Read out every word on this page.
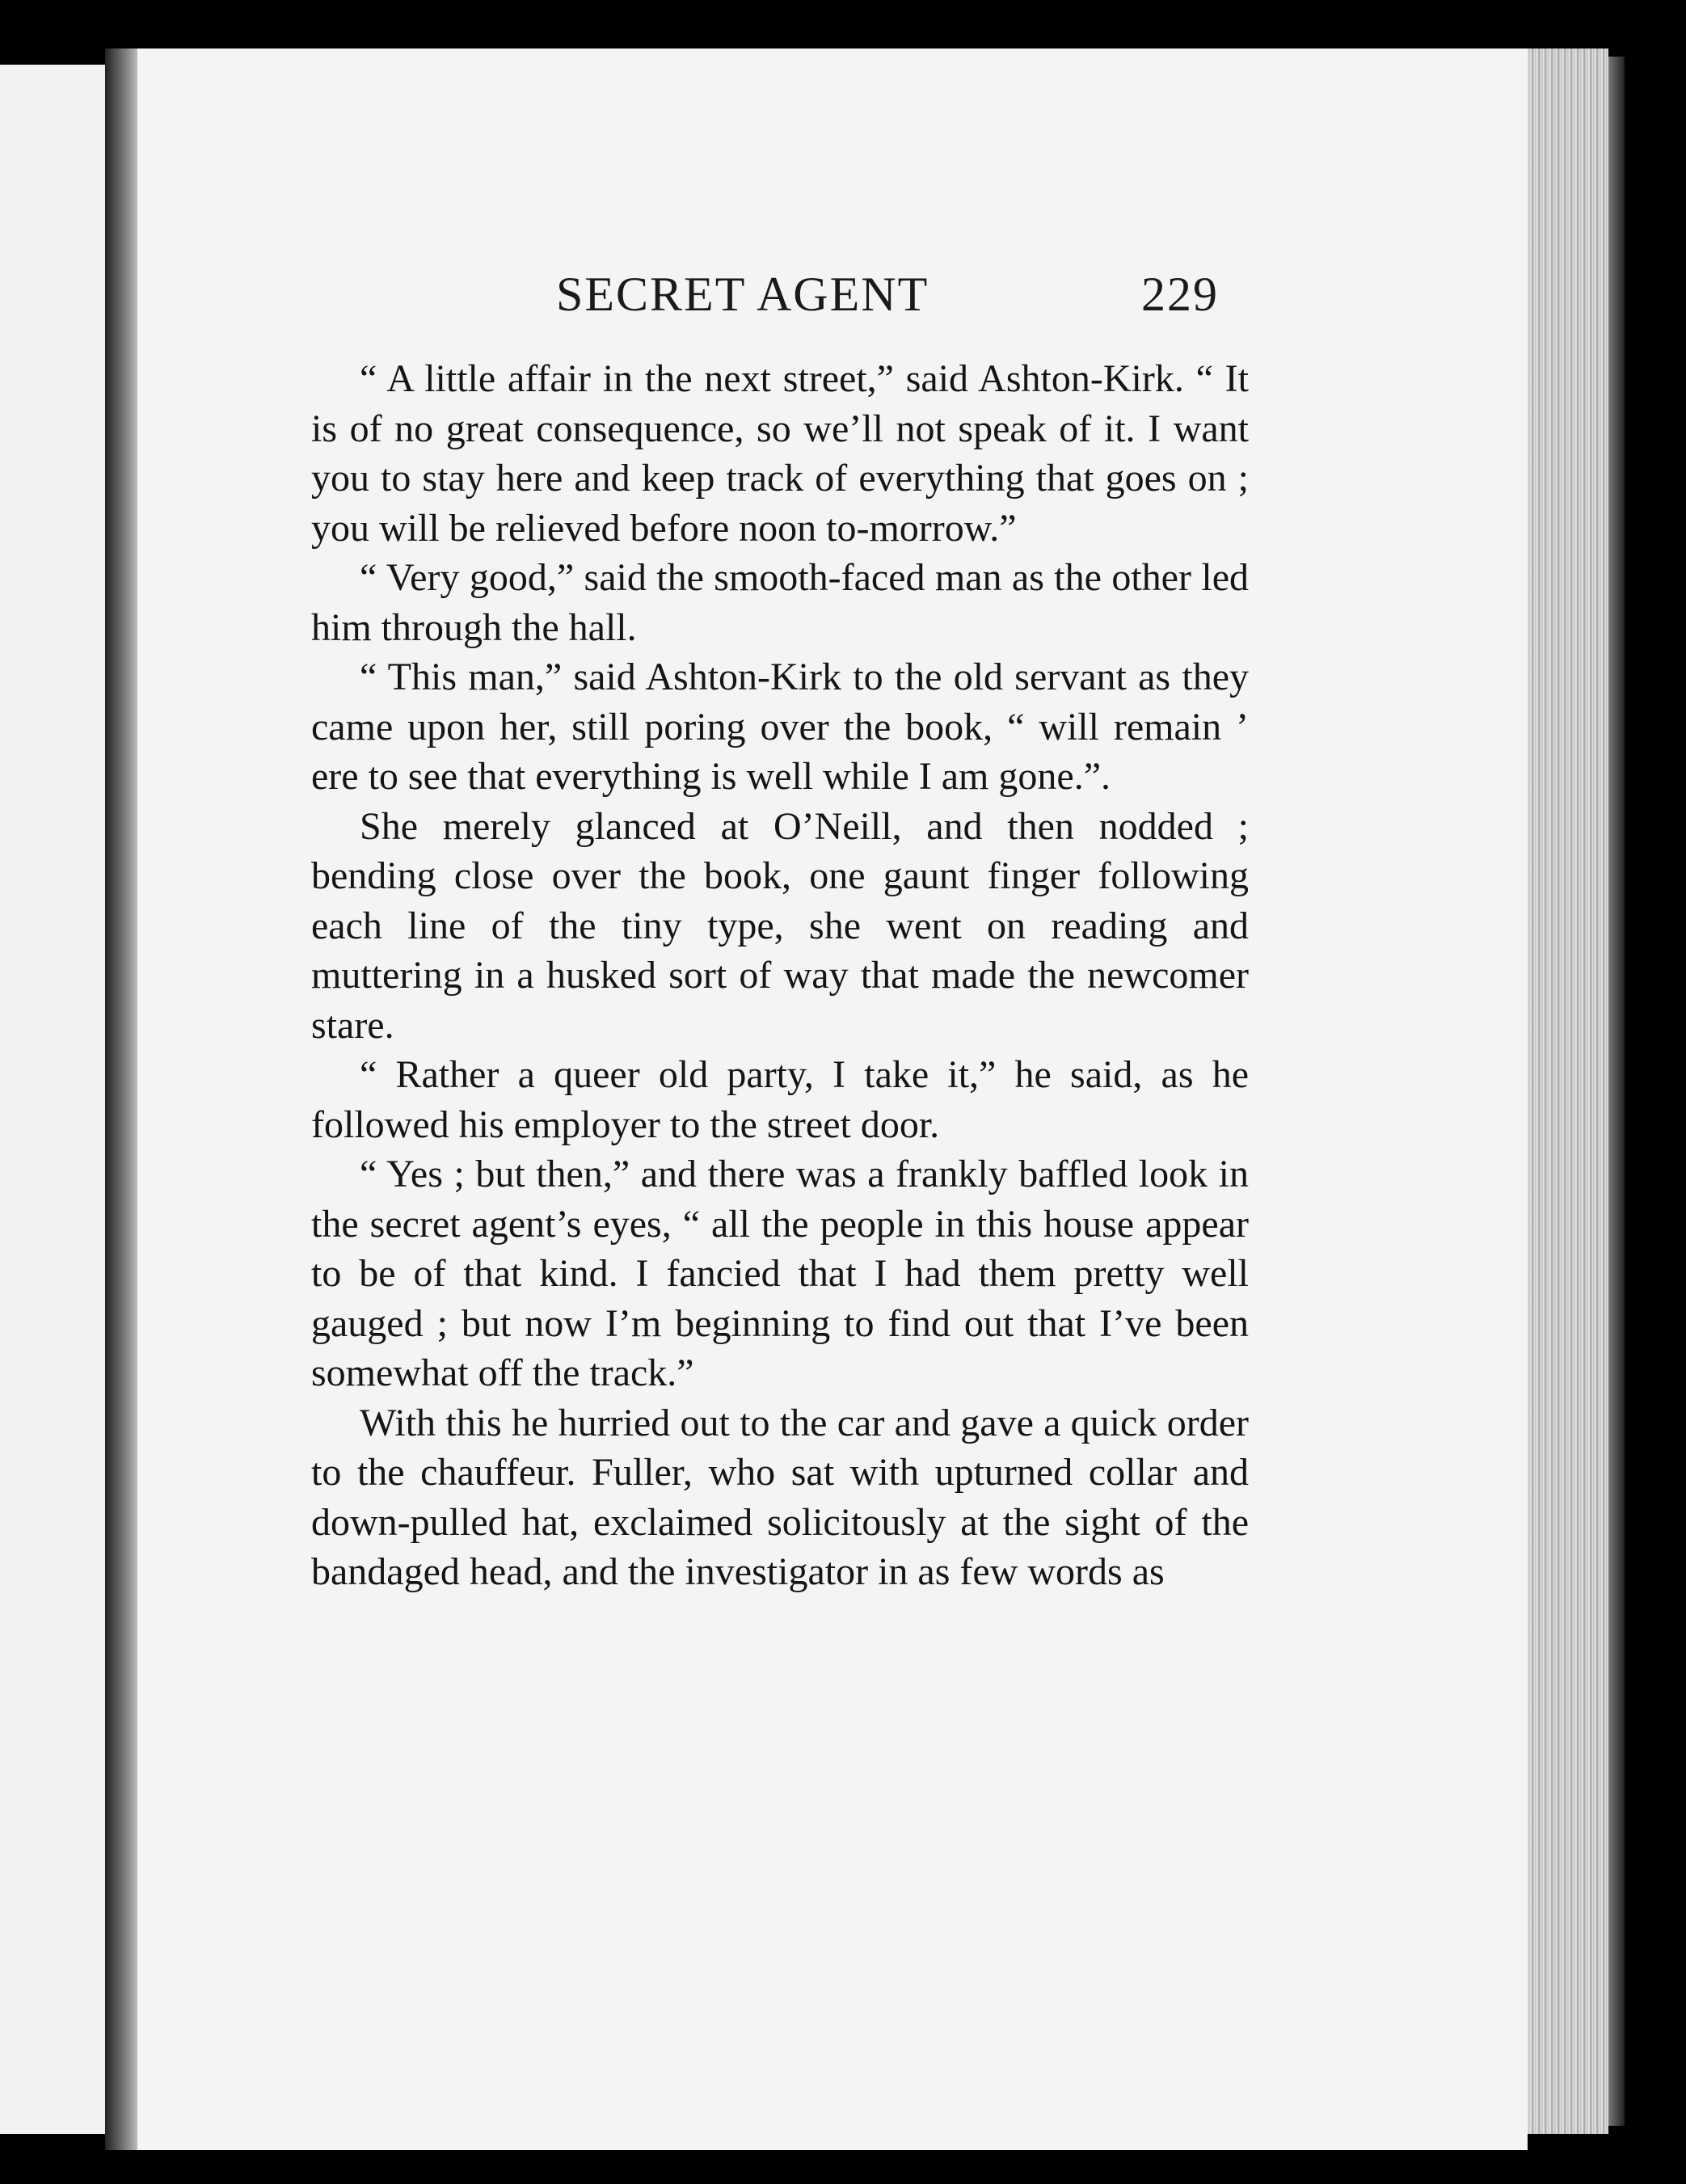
SECRET AGENT	229

“ A little affair in the next street,” said Ashton-Kirk. “ It is of no great consequence, so we’ll not speak of it. I want you to stay here and keep track of everything that goes on ; you will be relieved before noon to-morrow.”

“ Very good,” said the smooth-faced man as the other led him through the hall.

“ This man,” said Ashton-Kirk to the old servant as they came upon her, still poring over the book, “ will remain ’ ere to see that everything is well while I am gone.”.

She merely glanced at O’Neill, and then nodded ; bending close over the book, one gaunt finger following each line of the tiny type, she went on reading and muttering in a husked sort of way that made the newcomer stare.

“ Rather a queer old party, I take it,” he said, as he followed his employer to the street door.

“ Yes ; but then,” and there was a frankly baffled look in the secret agent’s eyes, “ all the people in this house appear to be of that kind. I fancied that I had them pretty well gauged ; but now I’m beginning to find out that I’ve been somewhat off the track.”

With this he hurried out to the car and gave a quick order to the chauffeur. Fuller, who sat with upturned collar and down-pulled hat, exclaimed solicitously at the sight of the bandaged head, and the investigator in as few words as
